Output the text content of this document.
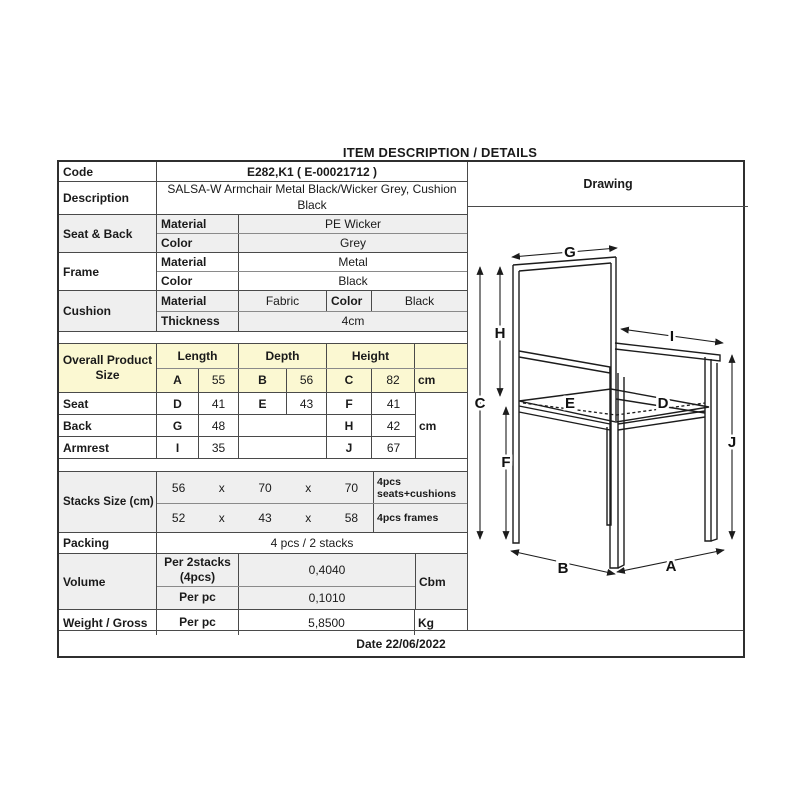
ITEM DESCRIPTION / DETAILS
Code	E282,K1 ( E-00021712 )
Description
SALSA-W Armchair Metal Black/Wicker Grey, Cushion Black
Seat & Back
Material	PE Wicker
Color	Grey
Frame
Material	Metal
Color	Black
Cushion
Material	Fabric	Color	Black
Thickness	4cm
Overall Product Size
Length	Depth	Height
A	55	B	56	C	82	cm
Seat	D	41	E	43	F	41
Back	G	48	H	42
Armrest	I	35	J	67
cm
Stacks Size (cm)
56	x	70	x	70	4pcs seats+cushions
52	x	43	x	58	4pcs frames
Packing	4 pcs / 2 stacks
Volume
Per 2stacks (4pcs)	0,4040
Per pc	0,1010
Cbm
Weight / Gross	Per pc	5,8500	Kg
Drawing
C
H
F
J
G
I
E	D
A
B
Date 22/06/2022
